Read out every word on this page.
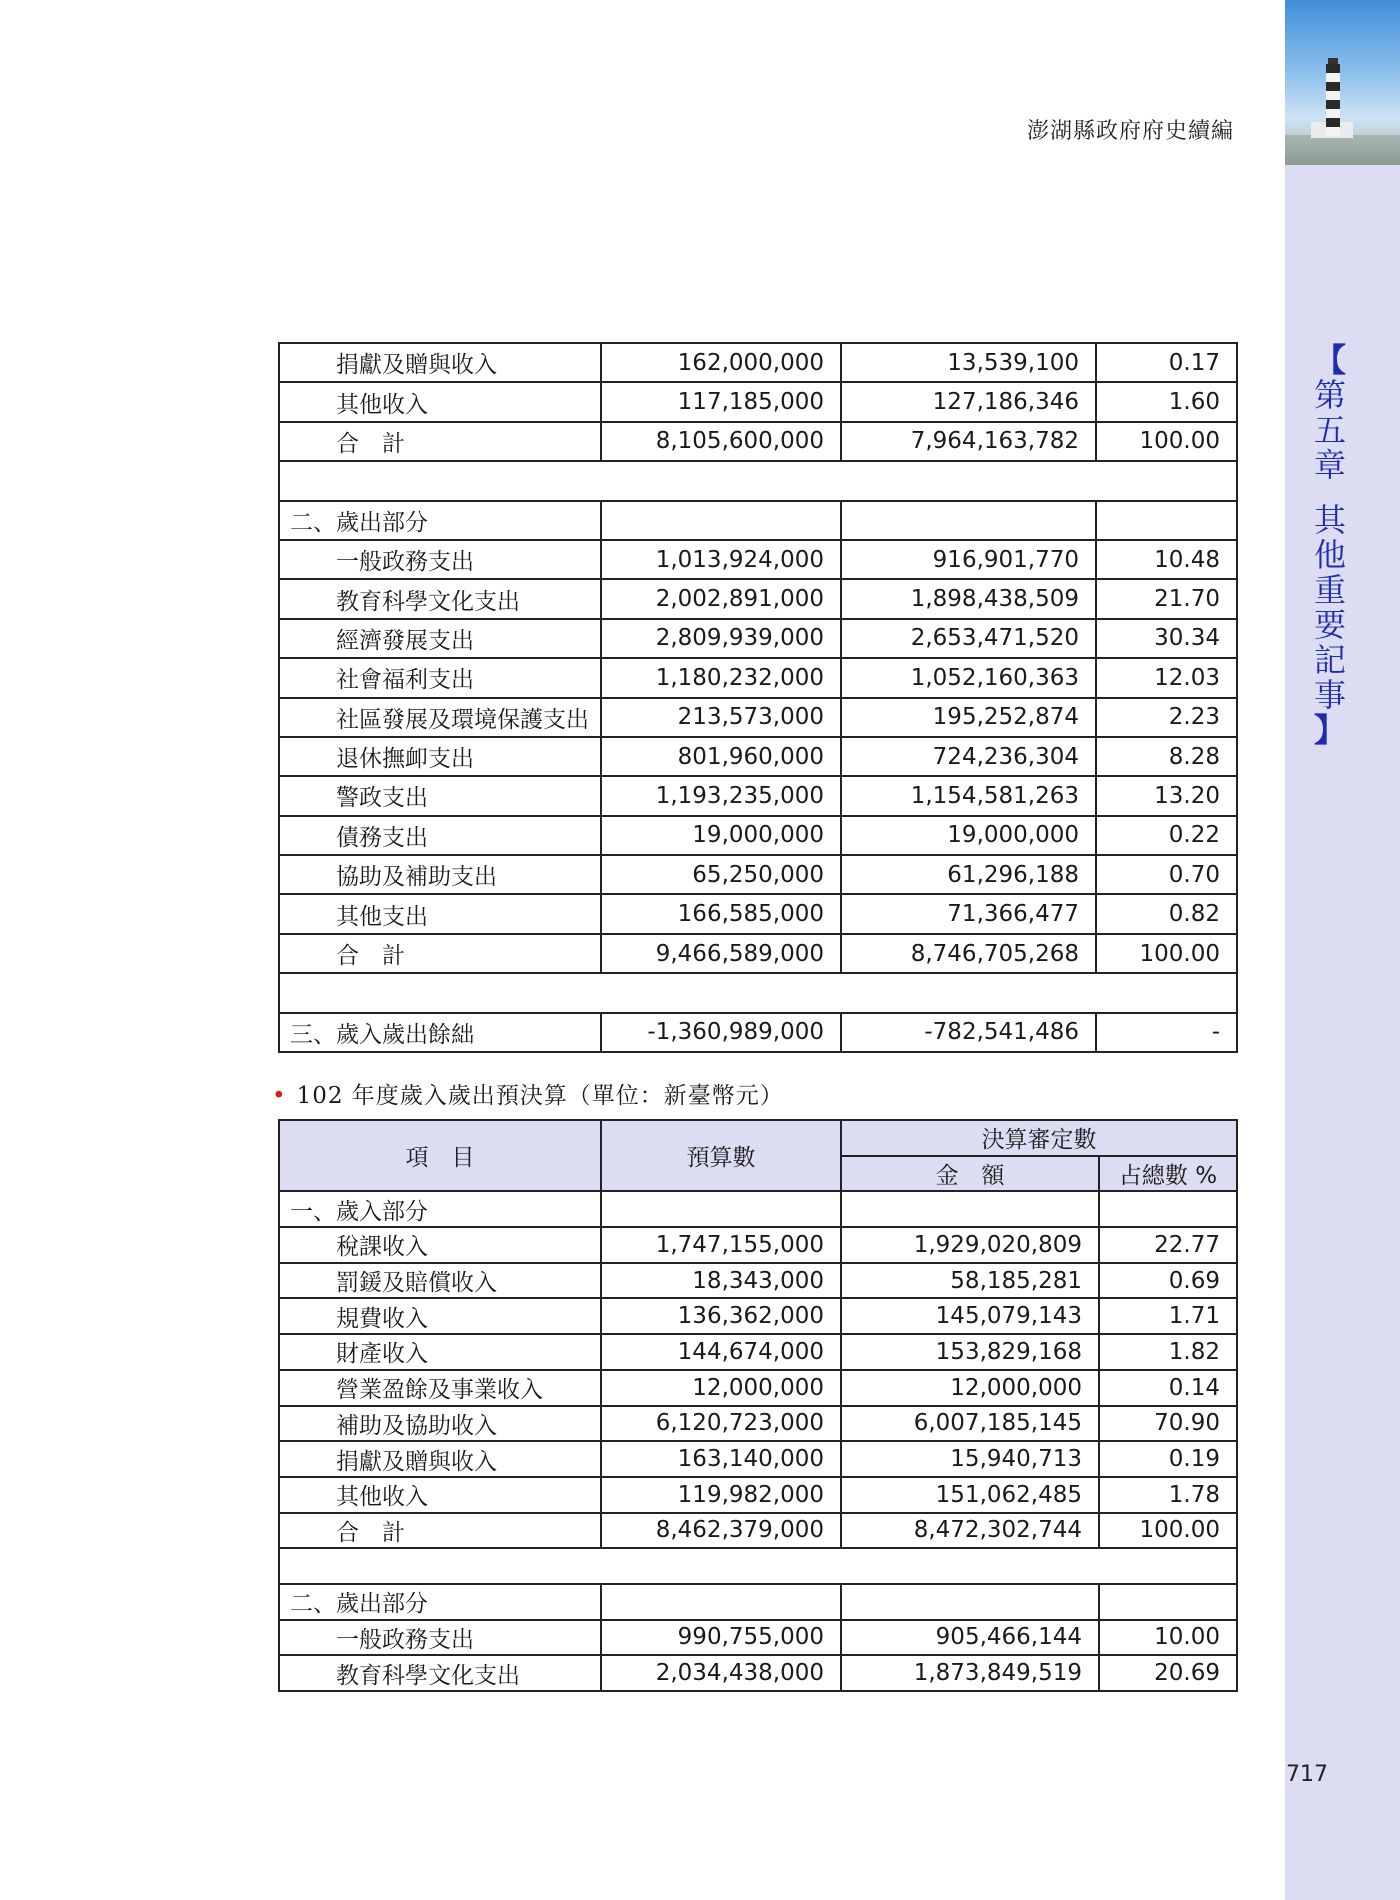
【
第
五
章
其
他
重
要
記
事
】
澎湖縣政府府史續編
捐獻及贈與收入	162,000,000	13,539,100	0.17
其他收入	117,185,000	127,186,346	1.60
合　計	8,105,600,000	7,964,163,782	100.00

二、歲出部分			
一般政務支出	1,013,924,000	916,901,770	10.48
教育科學文化支出	2,002,891,000	1,898,438,509	21.70
經濟發展支出	2,809,939,000	2,653,471,520	30.34
社會福利支出	1,180,232,000	1,052,160,363	12.03
社區發展及環境保護支出	213,573,000	195,252,874	2.23
退休撫卹支出	801,960,000	724,236,304	8.28
警政支出	1,193,235,000	1,154,581,263	13.20
債務支出	19,000,000	19,000,000	0.22
協助及補助支出	65,250,000	61,296,188	0.70
其他支出	166,585,000	71,366,477	0.82
合　計	9,466,589,000	8,746,705,268	100.00

三、歲入歲出餘絀	-1,360,989,000	-782,541,486	-
• 102 年度歲入歲出預決算（單位：新臺幣元）
項　目	預算數	決算審定數	
		金　額	占總數 %
一、歲入部分			
稅課收入	1,747,155,000	1,929,020,809	22.77
罰鍰及賠償收入	18,343,000	58,185,281	0.69
規費收入	136,362,000	145,079,143	1.71
財產收入	144,674,000	153,829,168	1.82
營業盈餘及事業收入	12,000,000	12,000,000	0.14
補助及協助收入	6,120,723,000	6,007,185,145	70.90
捐獻及贈與收入	163,140,000	15,940,713	0.19
其他收入	119,982,000	151,062,485	1.78
合　計	8,462,379,000	8,472,302,744	100.00

二、歲出部分			
一般政務支出	990,755,000	905,466,144	10.00
教育科學文化支出	2,034,438,000	1,873,849,519	20.69
717
